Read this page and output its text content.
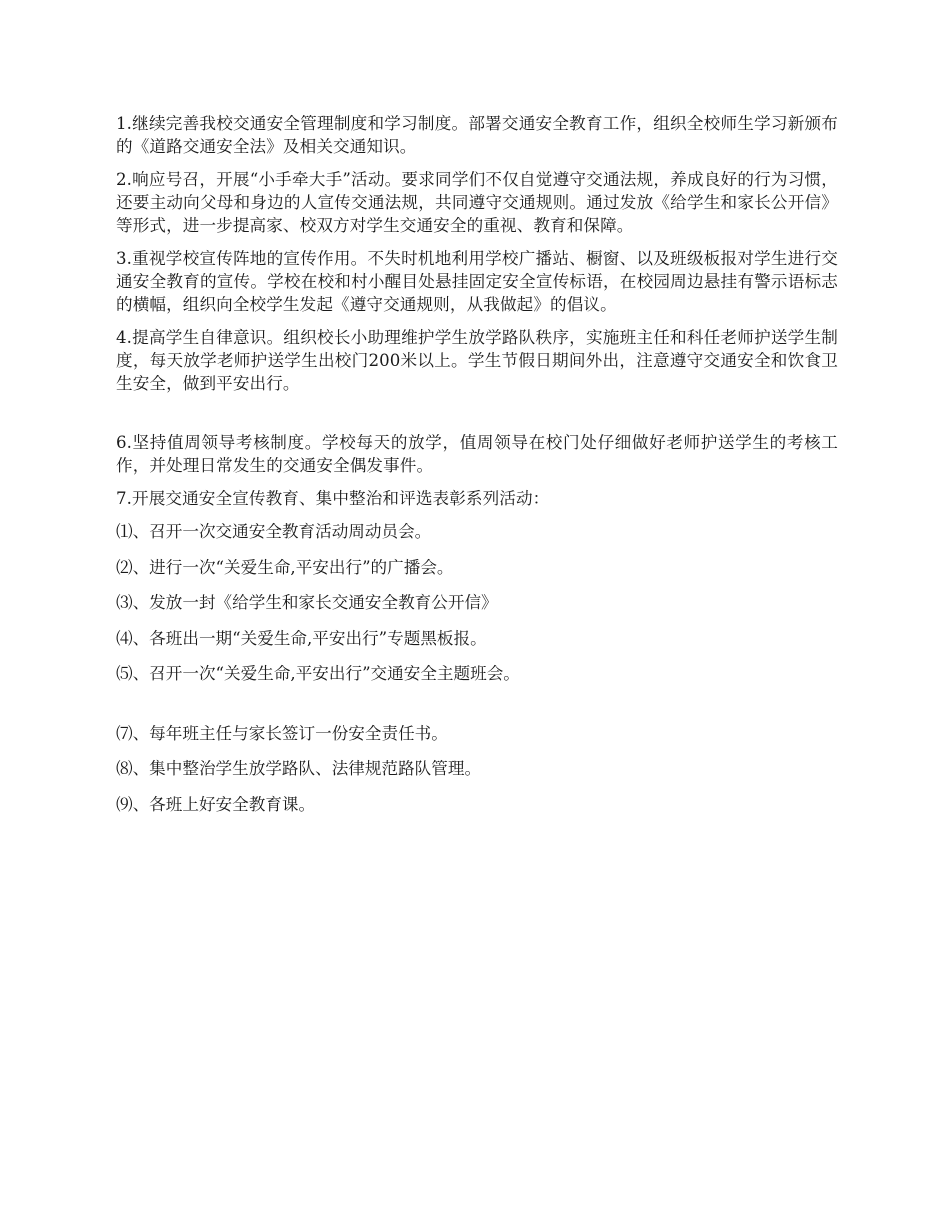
1.继续完善我校交通安全管理制度和学习制度。部署交通安全教育工作，组织全校师生学习新颁布的《道路交通安全法》及相关交通知识。

2.响应号召，开展“小手牵大手”活动。要求同学们不仅自觉遵守交通法规，养成良好的行为习惯，还要主动向父母和身边的人宣传交通法规，共同遵守交通规则。通过发放《给学生和家长公开信》等形式，进一步提高家、校双方对学生交通安全的重视、教育和保障。

3.重视学校宣传阵地的宣传作用。不失时机地利用学校广播站、橱窗、以及班级板报对学生进行交通安全教育的宣传。学校在校和村小醒目处悬挂固定安全宣传标语，在校园周边悬挂有警示语标志的横幅，组织向全校学生发起《遵守交通规则，从我做起》的倡议。

4.提高学生自律意识。组织校长小助理维护学生放学路队秩序，实施班主任和科任老师护送学生制度，每天放学老师护送学生出校门200米以上。学生节假日期间外出，注意遵守交通安全和饮食卫生安全，做到平安出行。

6.坚持值周领导考核制度。学校每天的放学，值周领导在校门处仔细做好老师护送学生的考核工作，并处理日常发生的交通安全偶发事件。

7.开展交通安全宣传教育、集中整治和评选表彰系列活动：

⑴、召开一次交通安全教育活动周动员会。
⑵、进行一次“关爱生命,平安出行”的广播会。
⑶、发放一封《给学生和家长交通安全教育公开信》
⑷、各班出一期“关爱生命,平安出行”专题黑板报。
⑸、召开一次“关爱生命,平安出行”交通安全主题班会。
⑺、每年班主任与家长签订一份安全责任书。
⑻、集中整治学生放学路队、法律规范路队管理。
⑼、各班上好安全教育课。
